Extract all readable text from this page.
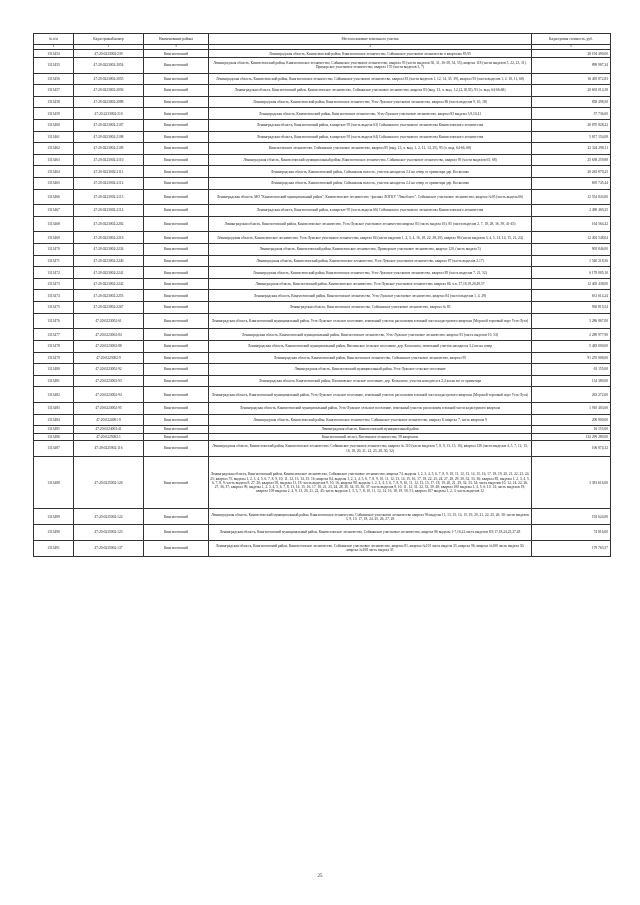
№ п/п	Кадастровый номер	Наименование района	Местоположение земельного участка	Кадастровая стоимость, руб.
1	2	3	4	5
1313454	47:20:0223002:239	Кингисеппский	Ленинградская область, Кингисеппский район, Кингисеппское лесничество, Сойкинское участковое лесничество в кварталах 85,95	28 194 490,00
1313455	47:20:0223002:2054	Кингисеппский	Ленинградская область, Кингисеппский район, Кингисеппское лесничество, Сойкинское участковое лесничество, квартал 95 (части выделов 30, 31, 36-38, 54, 55), квартал 118 (части выделов 5, 22, 23, 31). Приморское участковое лесничество, квартал 170 (части выделов 3, 7)	899 987,34
1313456	47:20:0223002:2055	Кингисеппский	Ленинградская область, Кингисеппский район, Кингисеппское лесничество, Сойкинское участковое лесничество, квартал 83 (части выделов 1, 12, 14, 35, 39), квартал 93 (части выделов 1, 2, 10, 11, 68)	16 405 872,83
1313457	47:20:0223002:2056	Кингисеппский	Ленинградская область, Кингисеппский район, Кингисеппское лесничество, Сойкинское участковое лесничество, квартал 83 (выд. 13, ч. выд. 1,2,12,18,35), 93 (ч. выд. 64-66,68)	20 603 014,38
1313458	47:20:0223002:2088	Кингисеппский	Ленинградская область, Кингисеппский район, Кингисеппское лесничество, Усть-Лужское участковое лесничество, квартал 86 (часть выделов 9, 10, 18)	838 498,50
1313459	47:20:2233002:310	Кингисеппский	Ленинградская область, Кингисеппский район, Кингисеппское лесничество, Усть-Лужское участковое лесничество, квартал 83 выделы 3,9,10,41	57 736,00
1313460	47:20:0223002:2107	Кингисеппский	Ленинградская область, Кингисеппский район, в квартале 95 (часть выдела 63) Сойкинского участкового лесничества Кингисеппского лесничества	26 870 828,22
1313461	47:20:0223002:2108	Кингисеппский	Ленинградская область, Кингисеппский район, в квартале 95 (часть выдела 64) Сойкинского участкового лесничества Кингисеппского лесничества	5 817 154,08
1313462	47:20:0223002:2109	Кингисеппский	Кингисеппское лесничество, Сойкинское участковое лесничество, квартал 85 (выд. 13, ч. выд. 1, 2, 12, 14, 35), 95 (ч. выд. 64-66, 68)	23 324 298,11
1313463	47:20:0223002:2110	Кингисеппский	Ленинградская область, Кингисеппский муниципальный район, Кингисеппское лесничество, Сойкинское участковое лесничество, квартал 95 (части выделов 65, 68)	25 658 259,88
1313464	47:20:0223002:2111	Кингисеппский	Ленинградская область, Кингисеппский район, Сойкинская волость, участок находится 2.4 на север от ориентира дер. Косколово	20 263 870,25
1313465	47:20:0223002:2112	Кингисеппский	Ленинградская область, Кингисеппский район, Сойкинская волость, участок находится 2.4 на север от ориентира дер. Косколово	695 745,44
1313466	47:20:0223002:2113	Кингисеппский	Ленинградская область, МО "Кингисеппский муниципальный район", Кингисеппское лесничество - филиал ЛОГКУ "Ленобллес", Сойкинское участковое лесничество, квартал №95 (часть выдела 66)	12 554 843,00
1313467	47:20:0223002:2114	Кингисеппский	Ленинградская область, Кингисеппский район, в квартале 95 (часть выдела 66) Сойкинского участкового лесничества Кингисеппского лесничества	2 490 469,25
1313468	47:20:0223002:2202	Кингисеппский	Ленинградская область, Кингисеппский район, Кингисеппское лесничество, Усть-Лужское участковое лесничество квартал 83 (часть выдела 16), 85 (части выделов 2, 7, 18, 28, 36, 39, 41-45)	164 564,42
1313469	47:20:0223002:2216	Кингисеппский	Ленинградская область, Кингисеппское лесничество, Усть-Лужское участковое лесничество, квартал 84 (части выделов 1, 2, 3, 4, 16, 18, 22, 28, 29), квартал 86 (части выделов 3, 4, 5, 13, 14, 15, 21, 24)	12 402 548,04
1313470	47:20:0223002:2234	Кингисеппский	Ленинградская область, Кингисеппский район, Кингисеппское лесничество, Приморское участковое лесничество, квартал 120, (часть выдела 5)	905 846,00
1313471	47:20:0223002:2240	Кингисеппский	Ленинградская область, Кингисеппский район, Кингисеппское лесничество, Усть-Лужское участковое лесничество, квартал 87 (часть выделов 2,17)	1 540 218,56
1313472	47:20:0223002:2241	Кингисеппский	Ленинградская область, Кингисеппский район, Кингисеппское лесничество, Усть-Лужское участковое лесничество, квартал 85 (часть выделов 7, 21, 52)	6 178 085,10
1313473	47:20:0223002:2242	Кингисеппский	Ленинградская область, Кингисеппский район, Кингисеппское лесничество, Усть-Лужское участковое лесничество, квартал 86, ч.в. 17,18,19,20,49,57	12 405 438,00
1313474	47:20:0223002:2253	Кингисеппский	Ленинградская область, Кингисеппский район, Кингисеппское лесничество, Усть-Лужское участковое лесничество, квартал 84 (части выделов 1, 4, 29)	631 614,24
1313475	47:20:0223002:2267	Кингисеппский	Ленинградская область, Кингисеппское лесничество, Сойкинское участковое лесничество, квартал № 83	930 819,54
1313476	47:20:0223002:61	Кингисеппский	Ленинградская область, Кингисеппский муниципальный район, Усть-Лужское сельское поселение, земельный участок расположен в южной части кадастрового квартала (Морской торговый порт Усть-Луга)	3 286 867,00
1313477	47:20:0223002:84	Кингисеппский	Ленинградская область, Кингисеппский муниципальный район, Кингисеппское лесничество, Усть-Лужское участковое лесничество, квартал 93 (часть выделов 10, 54)	2 289 977,90
1313478	47:20:0223002:88	Кингисеппский	Ленинградская область, Кингисеппский муниципальный район, Вистинское сельское поселение, дер. Косколово, земельный участок находится 3,2 км на север	5 483 000,00
1313479	47:20:0223002:9	Кингисеппский	Ленинградская область, Кингисеппский район, Кингисеппское лесничество, Сойкинское участковое лесничество, квартал 95	91 255 008,00
1313480	47:20:0223002:92	Кингисеппский	Ленинградская область, Кингисеппский муниципальный район, Усть-Лужское сельское поселение	63 155,00
1313481	47:20:0223002:93	Кингисеппский	Ленинградская область, Кингисеппский район, Пахомовское сельское поселение, дер. Косколово, участок находится в 2,4 км на юг от ориентира	134 380,00
1313482	47:20:0223002:94	Кингисеппский	Ленинградская область, Кингисеппский муниципальный район, Усть-Лужское сельское поселение, земельный участок расположен в южной части кадастрового квартала (Морской торговый порт Усть-Луга)	263 272,00
1313483	47:20:0223002:95	Кингисеппский	Ленинградская область, Кингисеппский муниципальный район, Усть-Лужское сельское поселение, земельный участок расположен в южной части кадастрового квартала	1 910 403,60
1313484	47:20:0224001:9	Кингисеппский	Ленинградская область, Кингисеппский район, Кингисеппское лесничество, Сойкинское участковое лесничество, квартал 8, квартал 7, часть квартала 9	200 800,00
1313485	47:20:0224003:41	Кингисеппский	Ленинградская область, Кингисеппский муниципальный район	16 155,00
1313486	47:20:0225002:1	Кингисеппский	Кингисеппский лесхоз, Вистинское лесничество, 58 кварталов	132 299 280,00
1313487	47:20:0225002:116	Кингисеппский	Ленинградская область, Кингисеппский район, Кингисеппское лесничество, Сойкинское участковое лесничество, квартал № 110 (части выделов 7, 8, 9, 13, 15, 16), квартал 126 (части выделов 4, 5, 7, 12, 13, 16, 18, 20, 21, 22, 23, 28, 30, 32)	106 874,32
1313488	47:20:0225002:120	Кингисеппский	Ленинградская область, Кингисеппский район, Кингисеппское лесничество, Сойкинское участковое лесничество, квартал 74, выделы 1, 2, 3, 4, 5, 6, 7, 8, 9, 10, 11, 12, 13, 14, 15, 16, 17, 18, 19, 20, 21, 22, 23, 24, 25; квартал 75, выделы 1, 2, 3, 4, 5, 6, 7, 8, 9, 10, 11, 12, 13, 14, 15, 16; квартал 84, выделы 1, 2, 3, 4, 5, 6, 7, 8, 9, 10, 11, 12, 13, 14, 15, 16, 17, 18, 22, 23, 24, 27, 28, 29, 30, 32, 33, 36; квартал 85, выделы 1, 2, 3, 4, 5, 6, 7, 8, 9; часть выдела 8, 27, 30; квартал 95, выделы 11, 18; часть выделов 9, 10, 16, квартал 98, выделы 1, 2, 3, 4, 5, 6, 7, 8, 9, 10, 11, 12, 13, 15, 17, 18, 19, 20, 21, 29, 32, 33, 34; часть выделов 10, 12, 14, 22, 26, 27, 36, 37; квартал 99, выделы 1, 2, 3, 4, 5, 6, 7, 8, 13, 14, 15, 16, 17, 18, 21, 23, 24, 28, 30, 34, 35, 36, 37; часть выделов 9, 10, 11, 12, 31, 32, 33, 39, 40; квартал 100 выделы 1, 4, 5, 6, 10, 14; часть выделов 19; квартал 109 выделы 2, 4, 9, 13, 20, 21, 22, 45; часть выделов 1, 3, 5, 7, 8, 10, 11, 12, 14, 16, 18, 19, 50, 51; квартал 107 выделы 1, 2, 3; часть выделов 12	3 381 616,00
1313489	47:20:0225002:122	Кингисеппский	Ленинградская область, Кингисеппский муниципальный район, Кингисеппское лесничество, Сойкинское участковое лесничество квартал 96 выделы 11, 13, 15, 14, 15, 19, 20, 21, 22, 25, 26, 30; части выделов 3, 9, 10, 17, 18, 24, 25, 26, 27, 28	192 624,00
1313490	47:20:0225002:123	Кингисеппский	Ленинградская область, Кингисеппский муниципальный район, Кингисеппское лесничество, Сойкинское участковое лесничество, квартал 96 выделы 1-7,16,22,часть выделов 8,9,17,18,24,25,27,28	74 816,00
1313491	47:20:0225002:137	Кингисеппский	Ленинградская область, Кингисеппский район, Кингисеппское лесничество, Сойкинское участковое лесничество, квартал 81, квартал №101 часть выдела 33, квартал 96, квартал №100 часть выдела 30, квартал №108 часть выдела 35	179 763,57
25
